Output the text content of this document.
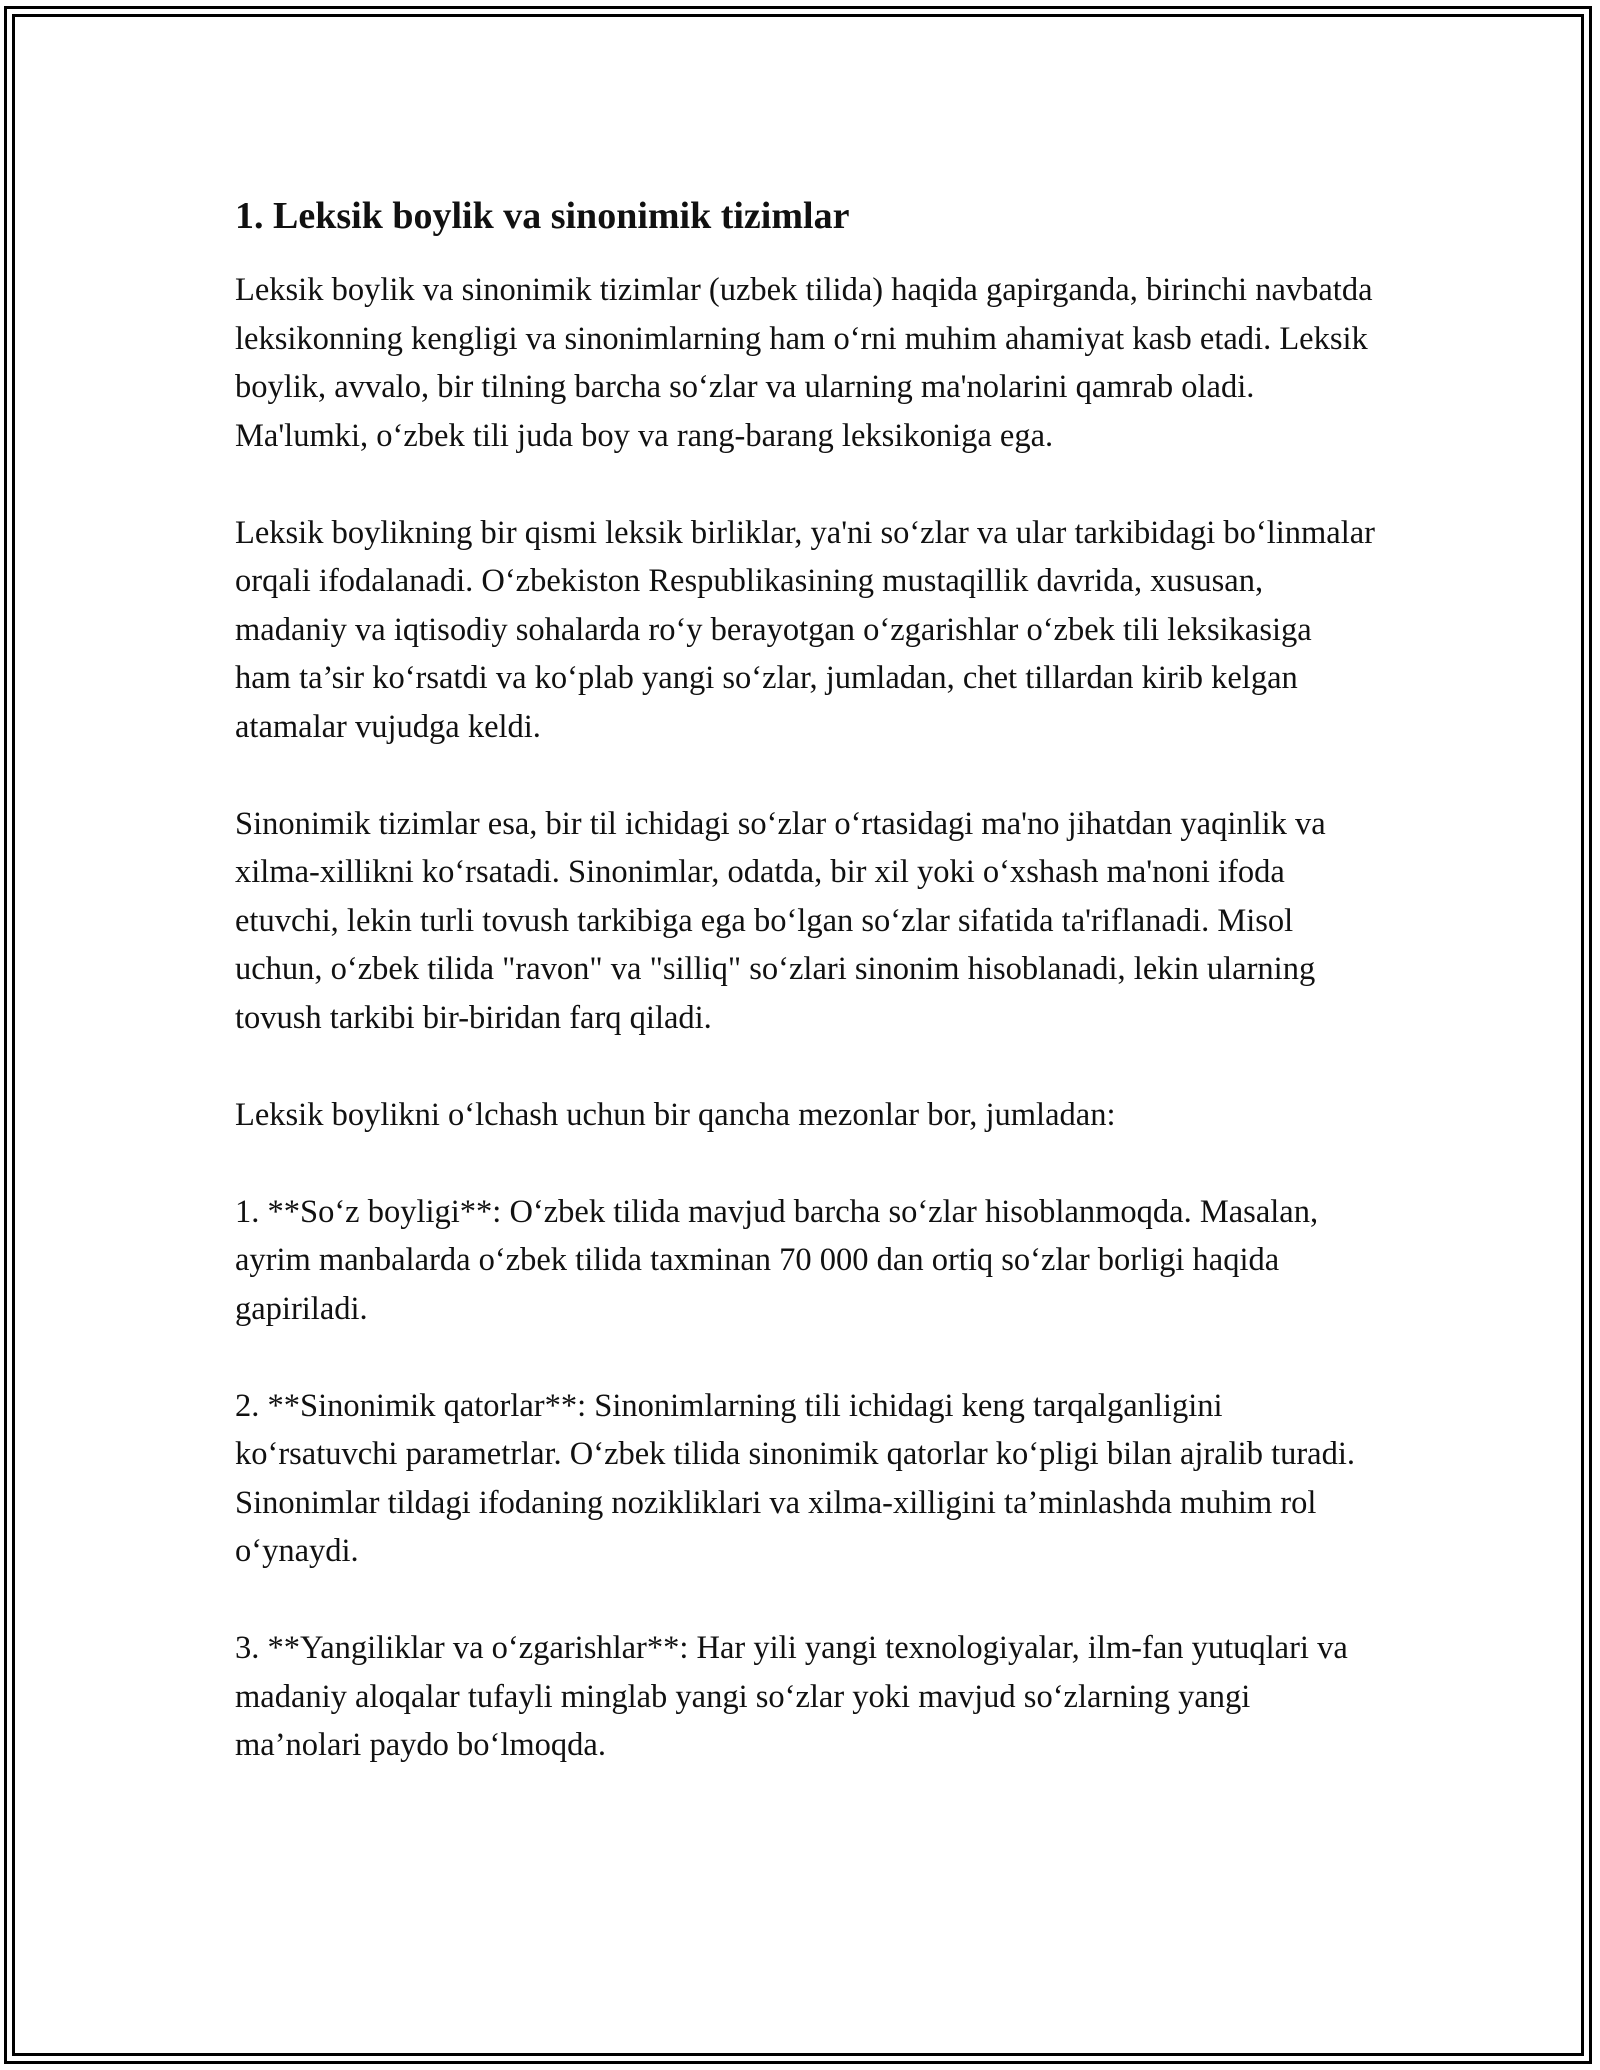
1. Leksik boylik va sinonimik tizimlar

Leksik boylik va sinonimik tizimlar (uzbek tilida) haqida gapirganda, birinchi navbatda leksikonning kengligi va sinonimlarning ham o‘rni muhim ahamiyat kasb etadi. Leksik boylik, avvalo, bir tilning barcha so‘zlar va ularning ma'nolarini qamrab oladi. Ma'lumki, o‘zbek tili juda boy va rang-barang leksikoniga ega.

Leksik boylikning bir qismi leksik birliklar, ya'ni so‘zlar va ular tarkibidagi bo‘linmalar orqali ifodalanadi. O‘zbekiston Respublikasining mustaqillik davrida, xususan, madaniy va iqtisodiy sohalarda ro‘y berayotgan o‘zgarishlar o‘zbek tili leksikasiga ham ta’sir ko‘rsatdi va ko‘plab yangi so‘zlar, jumladan, chet tillardan kirib kelgan atamalar vujudga keldi.

Sinonimik tizimlar esa, bir til ichidagi so‘zlar o‘rtasidagi ma'no jihatdan yaqinlik va xilma-xillikni ko‘rsatadi. Sinonimlar, odatda, bir xil yoki o‘xshash ma'noni ifoda etuvchi, lekin turli tovush tarkibiga ega bo‘lgan so‘zlar sifatida ta'riflanadi. Misol uchun, o‘zbek tilida "ravon" va "silliq" so‘zlari sinonim hisoblanadi, lekin ularning tovush tarkibi bir-biridan farq qiladi.

Leksik boylikni o‘lchash uchun bir qancha mezonlar bor, jumladan:

1. **So‘z boyligi**: O‘zbek tilida mavjud barcha so‘zlar hisoblanmoqda. Masalan, ayrim manbalarda o‘zbek tilida taxminan 70 000 dan ortiq so‘zlar borligi haqida gapiriladi.

2. **Sinonimik qatorlar**: Sinonimlarning tili ichidagi keng tarqalganligini ko‘rsatuvchi parametrlar. O‘zbek tilida sinonimik qatorlar ko‘pligi bilan ajralib turadi. Sinonimlar tildagi ifodaning nozikliklari va xilma-xilligini ta’minlashda muhim rol o‘ynaydi.

3. **Yangiliklar va o‘zgarishlar**: Har yili yangi texnologiyalar, ilm-fan yutuqlari va madaniy aloqalar tufayli minglab yangi so‘zlar yoki mavjud so‘zlarning yangi ma’nolari paydo bo‘lmoqda.
